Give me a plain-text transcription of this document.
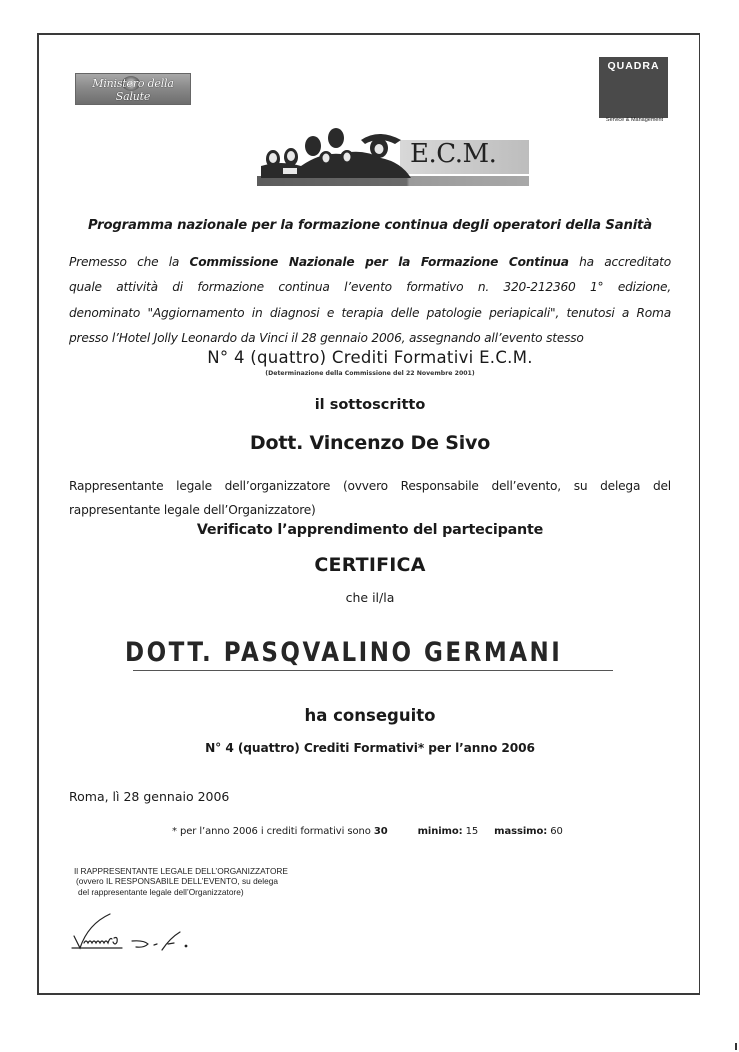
Ministero della Salute
QUADRA
Service & Management
E.C.M.
Programma nazionale per la formazione continua degli operatori della Sanità
Premesso che la Commissione Nazionale per la Formazione Continua ha accreditato
quale attività di formazione continua l’evento formativo n. 320-212360 1° edizione,
denominato "Aggiornamento in diagnosi e terapia delle patologie periapicali", tenutosi a Roma
presso l’Hotel Jolly Leonardo da Vinci il 28 gennaio 2006, assegnando all’evento stesso
N° 4 (quattro) Crediti Formativi E.C.M.
(Determinazione della Commissione del 22 Novembre 2001)
il sottoscritto
Dott. Vincenzo De Sivo
Rappresentante legale dell’organizzatore (ovvero Responsabile dell’evento, su delega del
rappresentante legale dell’Organizzatore)
Verificato l’apprendimento del partecipante
CERTIFICA
che il/la
DOTT. PASQVALINO GERMANI
ha conseguito
N° 4 (quattro) Crediti Formativi* per l’anno 2006
Roma, lì 28 gennaio 2006
* per l’anno 2006 i crediti formativi sono 30	minimo: 15 massimo: 60
Il RAPPRESENTANTE LEGALE DELL’ORGANIZZATORE
(ovvero IL RESPONSABILE DELL’EVENTO, su delega
del rappresentante legale dell’Organizzatore)
